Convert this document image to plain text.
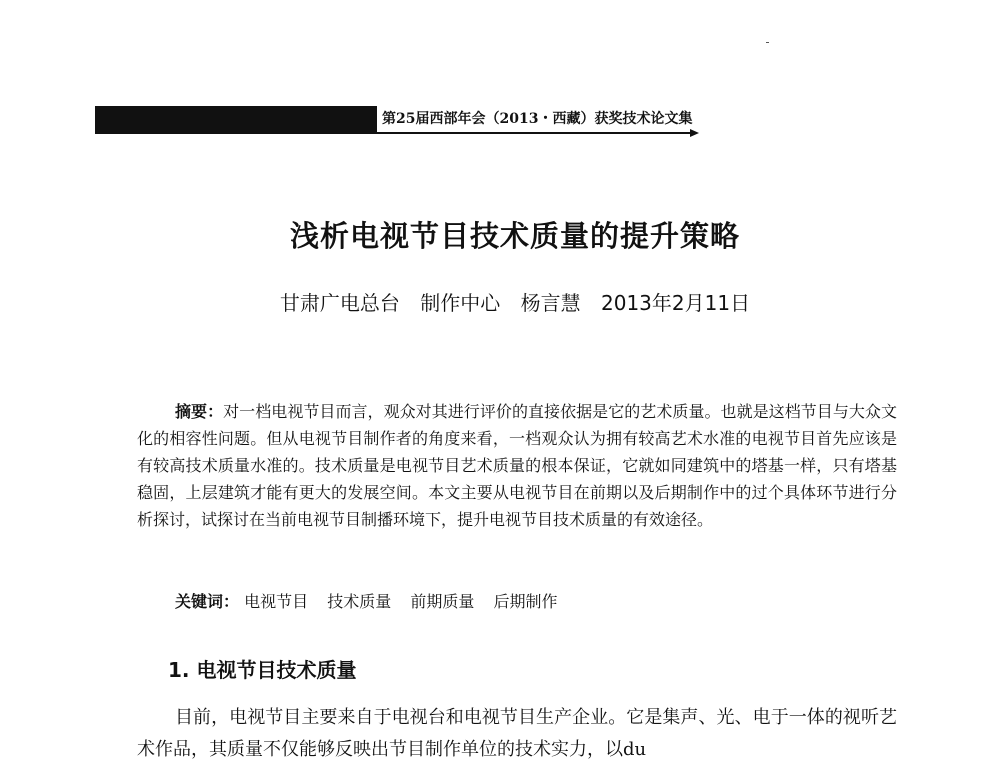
第25届西部年会（2013・西藏）获奖技术论文集
浅析电视节目技术质量的提升策略
甘肃广电总台 制作中心 杨言慧 2013年2月11日
摘要：对一档电视节目而言，观众对其进行评价的直接依据是它的艺术质量。也就是这档节目与大众文化的相容性问题。但从电视节目制作者的角度来看，一档观众认为拥有较高艺术水准的电视节目首先应该是有较高技术质量水准的。技术质量是电视节目艺术质量的根本保证，它就如同建筑中的塔基一样，只有塔基稳固，上层建筑才能有更大的发展空间。本文主要从电视节目在前期以及后期制作中的过个具体环节进行分析探讨，试探讨在当前电视节目制播环境下，提升电视节目技术质量的有效途径。
关键词： 电视节目 技术质量 前期质量 后期制作
1. 电视节目技术质量
目前，电视节目主要来自于电视台和电视节目生产企业。它是集声、光、电于一体的视听艺术作品，其质量不仅能够反映出节目制作单位的技术实力，以du
